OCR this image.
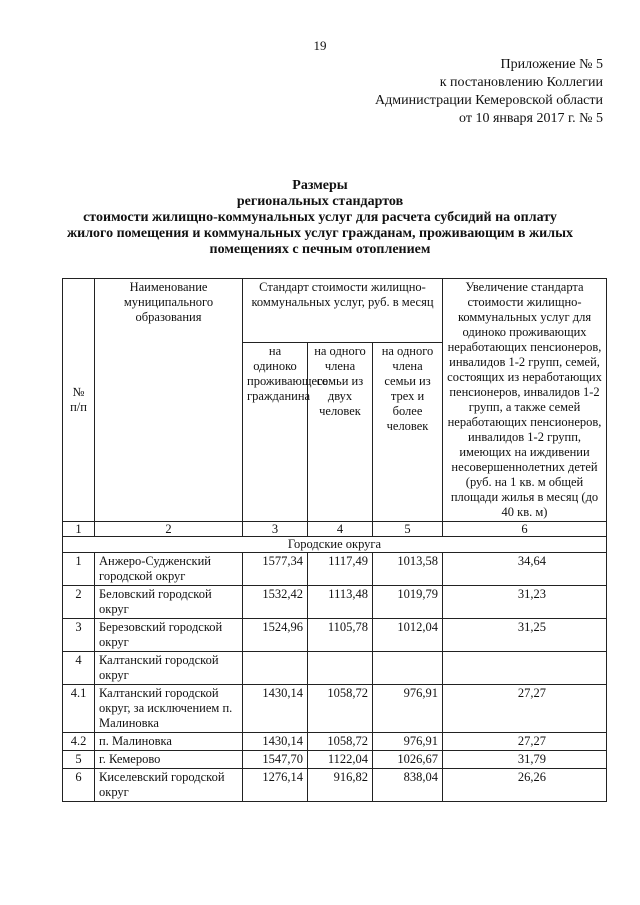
19
Приложение № 5
к постановлению Коллегии
Администрации Кемеровской области
от 10 января 2017 г. № 5
Размеры
региональных стандартов
стоимости жилищно-коммунальных услуг для расчета субсидий на оплату
жилого помещения и коммунальных услуг гражданам, проживающим в жилых
помещениях с печным отоплением
№ п/п	Наименование муниципального образования	Стандарт стоимости жилищно-коммунальных услуг, руб. в месяц			Увеличение стандарта стоимости жилищно-коммунальных услуг для одиноко проживающих неработающих пенсионеров, инвалидов 1-2 групп, семей, состоящих из неработающих пенсионеров, инвалидов 1-2 групп, а также семей неработающих пенсионеров, инвалидов 1-2 групп, имеющих на иждивении несовершеннолетних детей (руб. на 1 кв. м общей площади жилья в месяц (до 40 кв. м)
		на одиноко проживающего гражданина	на одного члена семьи из двух человек	на одного члена семьи из трех и более человек	
1	2	3	4	5	6
Городские округа					
1	Анжеро-Судженский городской округ	1577,34	1117,49	1013,58	34,64
2	Беловский городской округ	1532,42	1113,48	1019,79	31,23
3	Березовский городской округ	1524,96	1105,78	1012,04	31,25
4	Калтанский городской округ				
4.1	Калтанский городской округ, за исключением п. Малиновка	1430,14	1058,72	976,91	27,27
4.2	п. Малиновка	1430,14	1058,72	976,91	27,27
5	г. Кемерово	1547,70	1122,04	1026,67	31,79
6	Киселевский городской округ	1276,14	916,82	838,04	26,26
